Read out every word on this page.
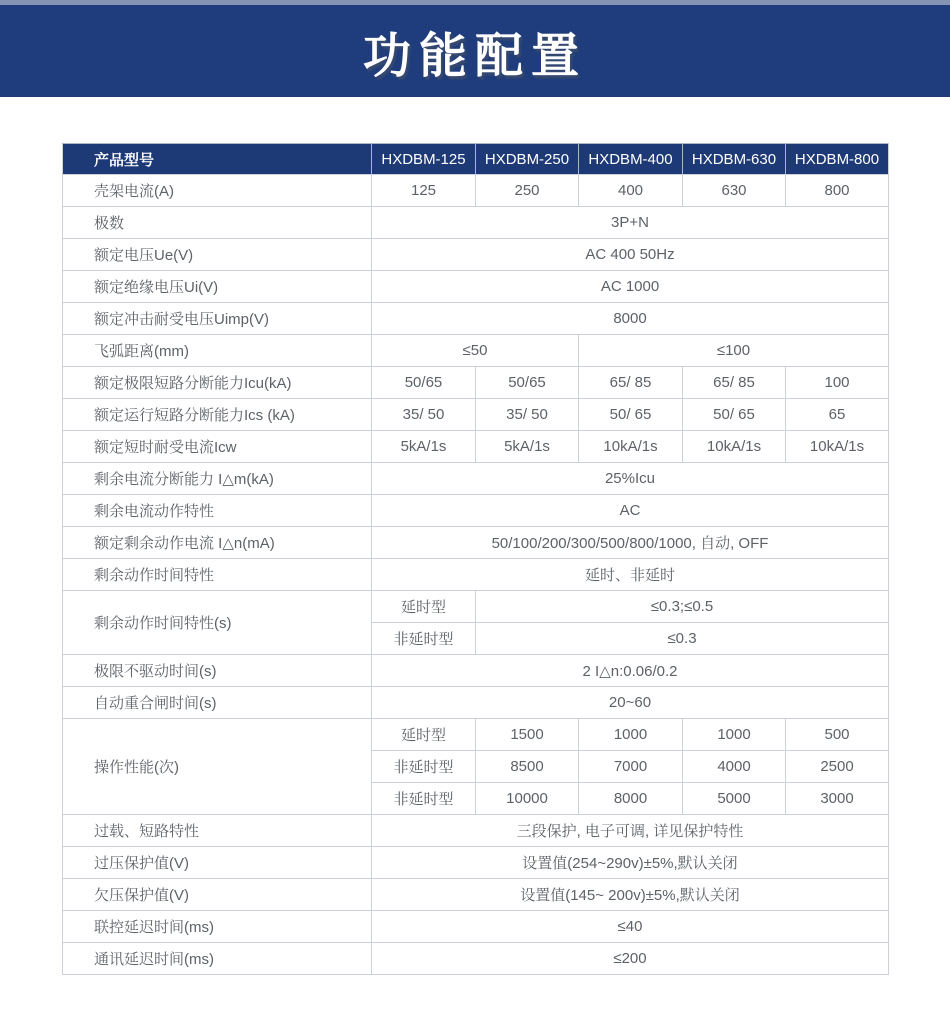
功能配置
产品型号	HXDBM-125	HXDBM-250	HXDBM-400	HXDBM-630	HXDBM-800
壳架电流(A)	125	250	400	630	800
极数	3P+N				
额定电压Ue(V)	AC 400 50Hz				
额定绝缘电压Ui(V)	AC 1000				
额定冲击耐受电压Uimp(V)	8000				
飞弧距离(mm)	≤50		≤100		
额定极限短路分断能力Icu(kA)	50/65	50/65	65/ 85	65/ 85	100
额定运行短路分断能力Ics (kA)	35/ 50	35/ 50	50/ 65	50/ 65	65
额定短时耐受电流Icw	5kA/1s	5kA/1s	10kA/1s	10kA/1s	10kA/1s
剩余电流分断能力 I△m(kA)	25%Icu				
剩余电流动作特性	AC				
额定剩余动作电流 I△n(mA)	50/100/200/300/500/800/1000, 自动, OFF				
剩余动作时间特性	延时、非延时				
剩余动作时间特性(s)	延时型	≤0.3;≤0.5			
	非延时型	≤0.3			
极限不驱动时间(s)	2 I△n:0.06/0.2				
自动重合闸时间(s)	20~60				
操作性能(次)	延时型	1500	1000	1000	500
	非延时型	8500	7000	4000	2500
	非延时型	10000	8000	5000	3000
过载、短路特性	三段保护, 电子可调, 详见保护特性				
过压保护值(V)	设置值(254~290v)±5%,默认关闭				
欠压保护值(V)	设置值(145~ 200v)±5%,默认关闭				
联控延迟时间(ms)	≤40				
通讯延迟时间(ms)	≤200				
